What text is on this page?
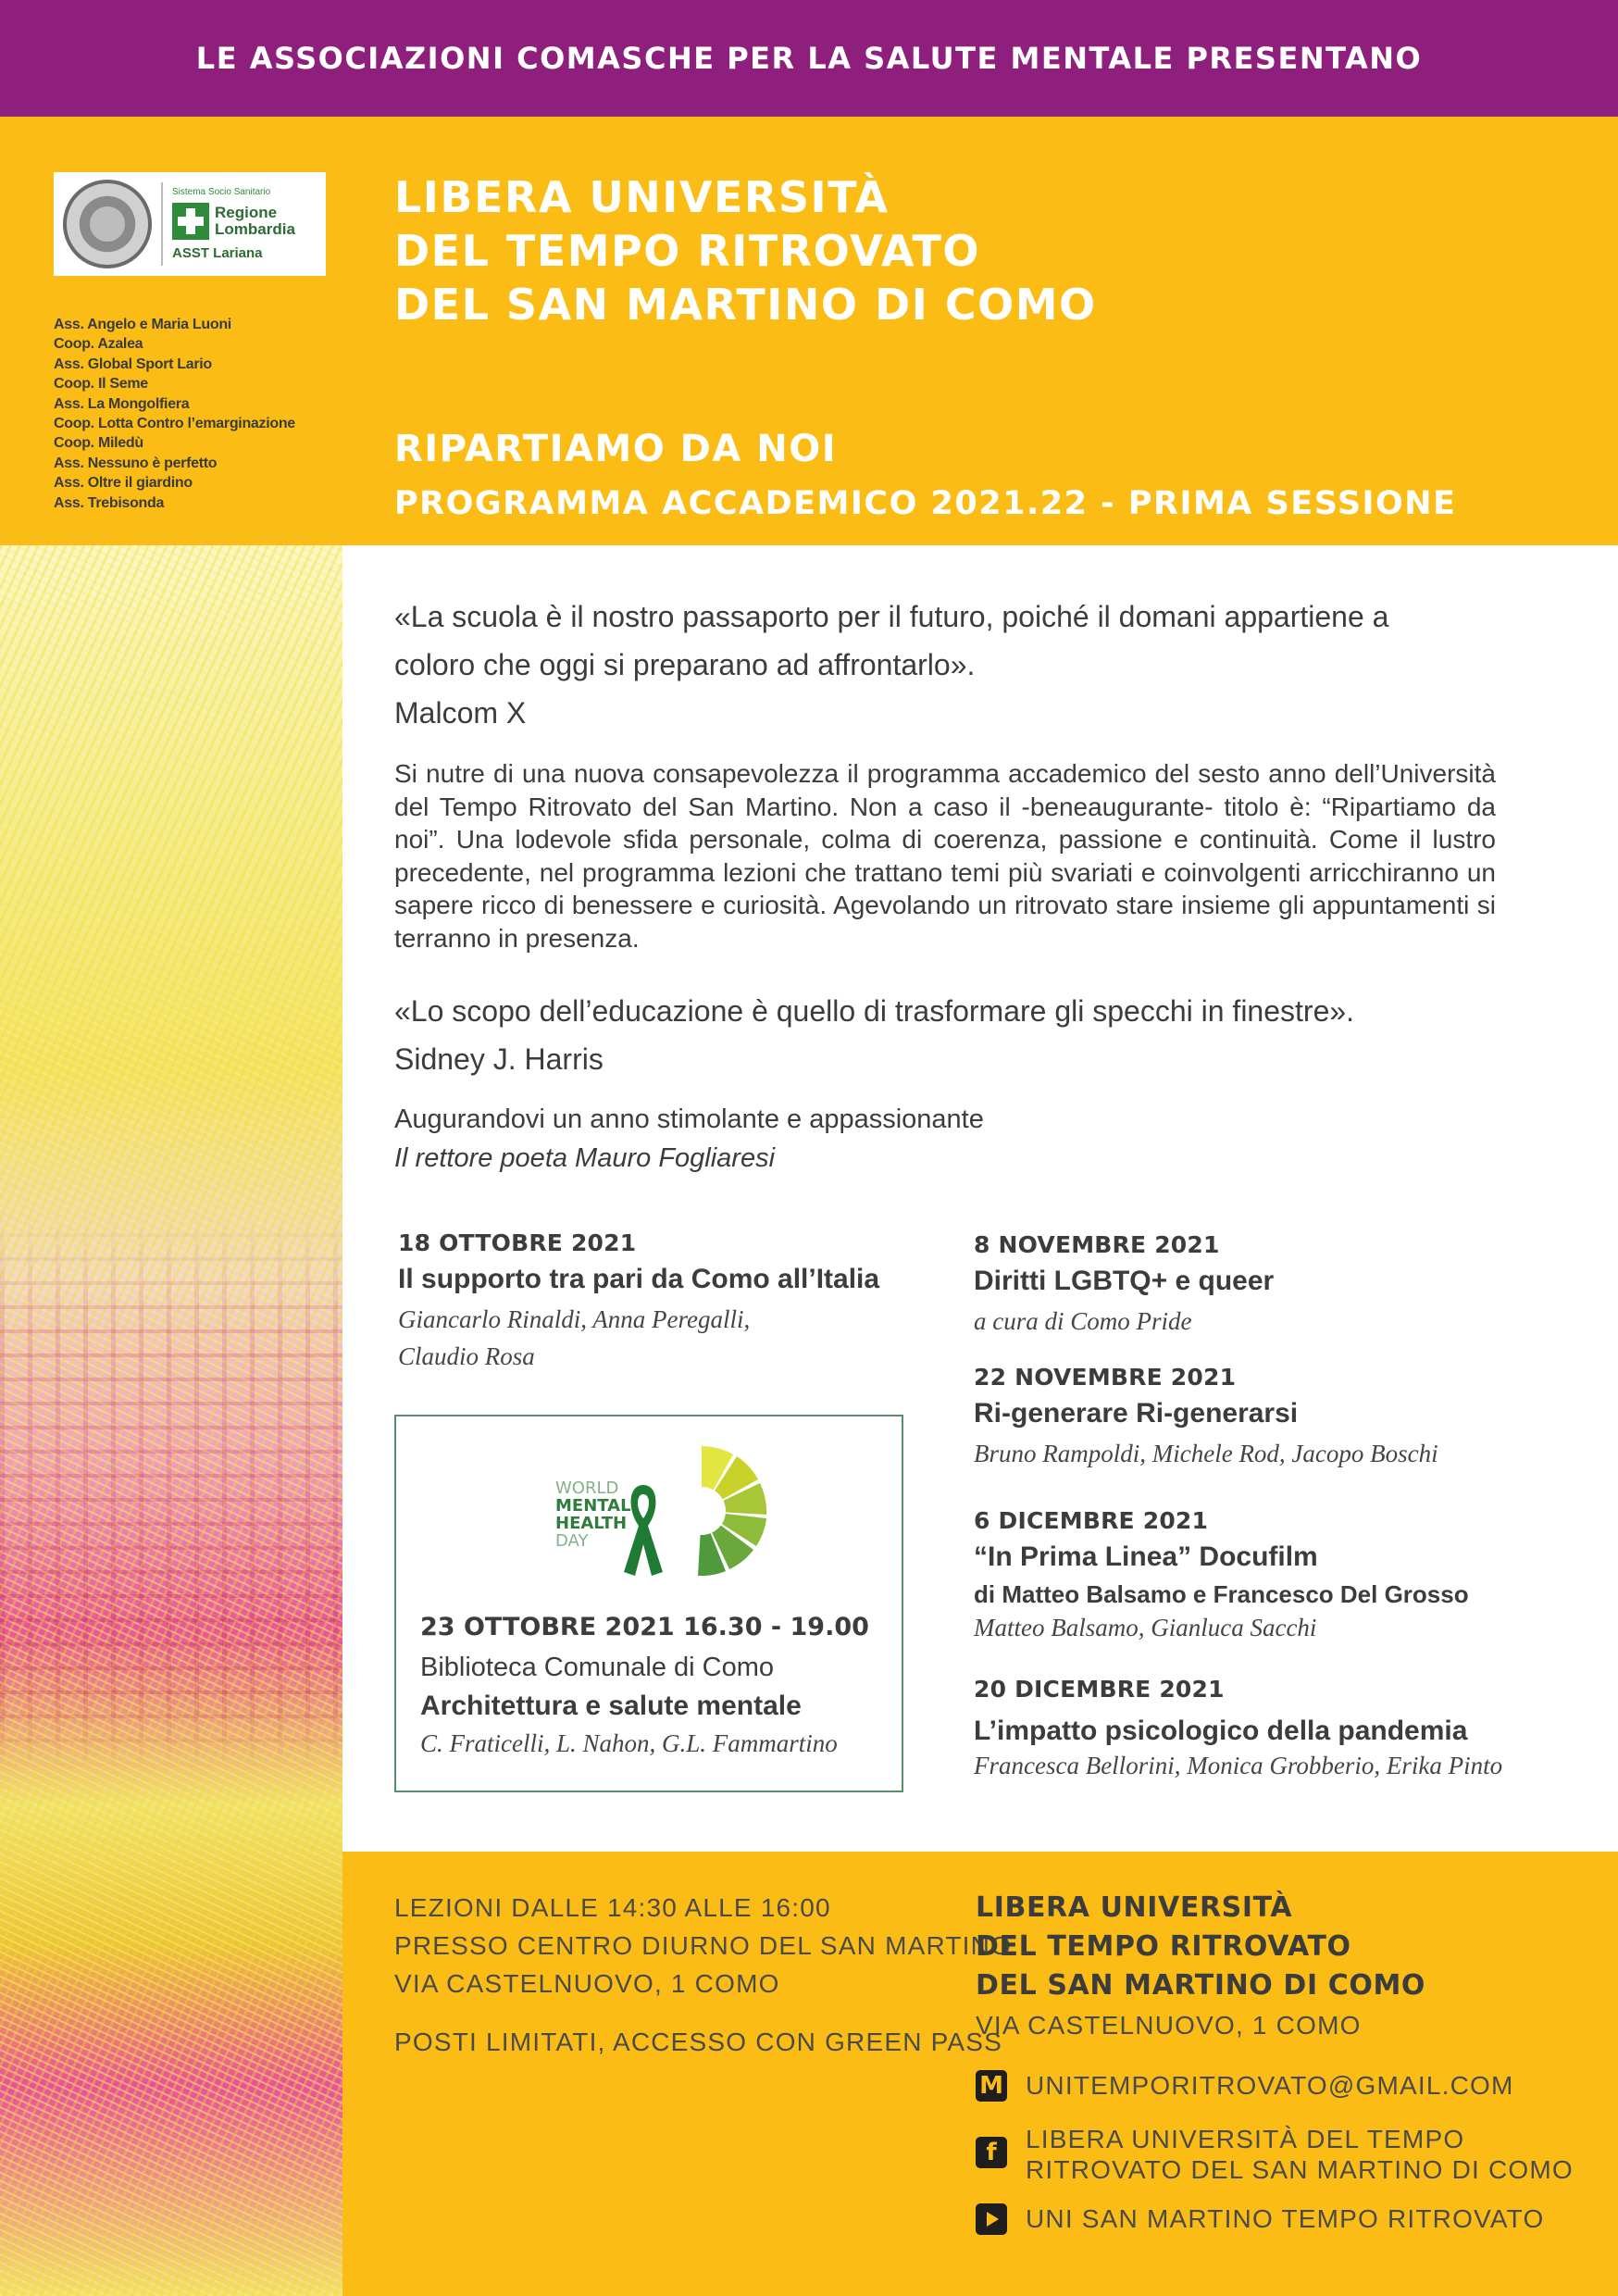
LE ASSOCIAZIONI COMASCHE PER LA SALUTE MENTALE PRESENTANO
Sistema Socio Sanitario
Regione
Lombardia
ASST Lariana
Ass. Angelo e Maria Luoni
Coop. Azalea
Ass. Global Sport Lario
Coop. Il Seme
Ass. La Mongolfiera
Coop. Lotta Contro l’emarginazione
Coop. Miledù
Ass. Nessuno è perfetto
Ass. Oltre il giardino
Ass. Trebisonda
LIBERA UNIVERSITÀ
DEL TEMPO RITROVATO
DEL SAN MARTINO DI COMO
RIPARTIAMO DA NOI
PROGRAMMA ACCADEMICO 2021.22 - PRIMA SESSIONE
«La scuola è il nostro passaporto per il futuro, poiché il domani appartiene a
coloro che oggi si preparano ad affrontarlo».
Malcom X

Si nutre di una nuova consapevolezza il programma accademico del sesto anno dell’Università del Tempo Ritrovato del San Martino. Non a caso il -beneaugurante- titolo è: “Ripartiamo da noi”. Una lodevole sfida personale, colma di coerenza, passione e continuità. Come il lustro precedente, nel programma lezioni che trattano temi più svariati e coinvolgenti arricchiranno un sapere ricco di benessere e curiosità. Agevolando un ritrovato stare insieme gli appuntamenti si terranno in presenza.

«Lo scopo dell’educazione è quello di trasformare gli specchi in finestre».
Sidney J. Harris
Augurandovi un anno stimolante e appassionante
Il rettore poeta Mauro Fogliaresi
18 OTTOBRE 2021
Il supporto tra pari da Como all’Italia
Giancarlo Rinaldi, Anna Peregalli,
Claudio Rosa
WORLD
MENTAL
HEALTH
DAY
23 OTTOBRE 2021 16.30 - 19.00
Biblioteca Comunale di Como
Architettura e salute mentale
C. Fraticelli, L. Nahon, G.L. Fammartino
8 NOVEMBRE 2021
Diritti LGBTQ+ e queer
a cura di Como Pride
22 NOVEMBRE 2021
Ri-generare Ri-generarsi
Bruno Rampoldi, Michele Rod, Jacopo Boschi
6 DICEMBRE 2021
“In Prima Linea” Docufilm
di Matteo Balsamo e Francesco Del Grosso
Matteo Balsamo, Gianluca Sacchi
20 DICEMBRE 2021
L’impatto psicologico della pandemia
Francesca Bellorini, Monica Grobberio, Erika Pinto
LEZIONI DALLE 14:30 ALLE 16:00
PRESSO CENTRO DIURNO DEL SAN MARTINO
VIA CASTELNUOVO, 1 COMO
POSTI LIMITATI, ACCESSO CON GREEN PASS
LIBERA UNIVERSITÀ
DEL TEMPO RITROVATO
DEL SAN MARTINO DI COMO
VIA CASTELNUOVO, 1 COMO
M UNITEMPORITROVATO@GMAIL.COM
f	LIBERA UNIVERSITÀ DEL TEMPO
RITROVATO DEL SAN MARTINO DI COMO
UNI SAN MARTINO TEMPO RITROVATO
